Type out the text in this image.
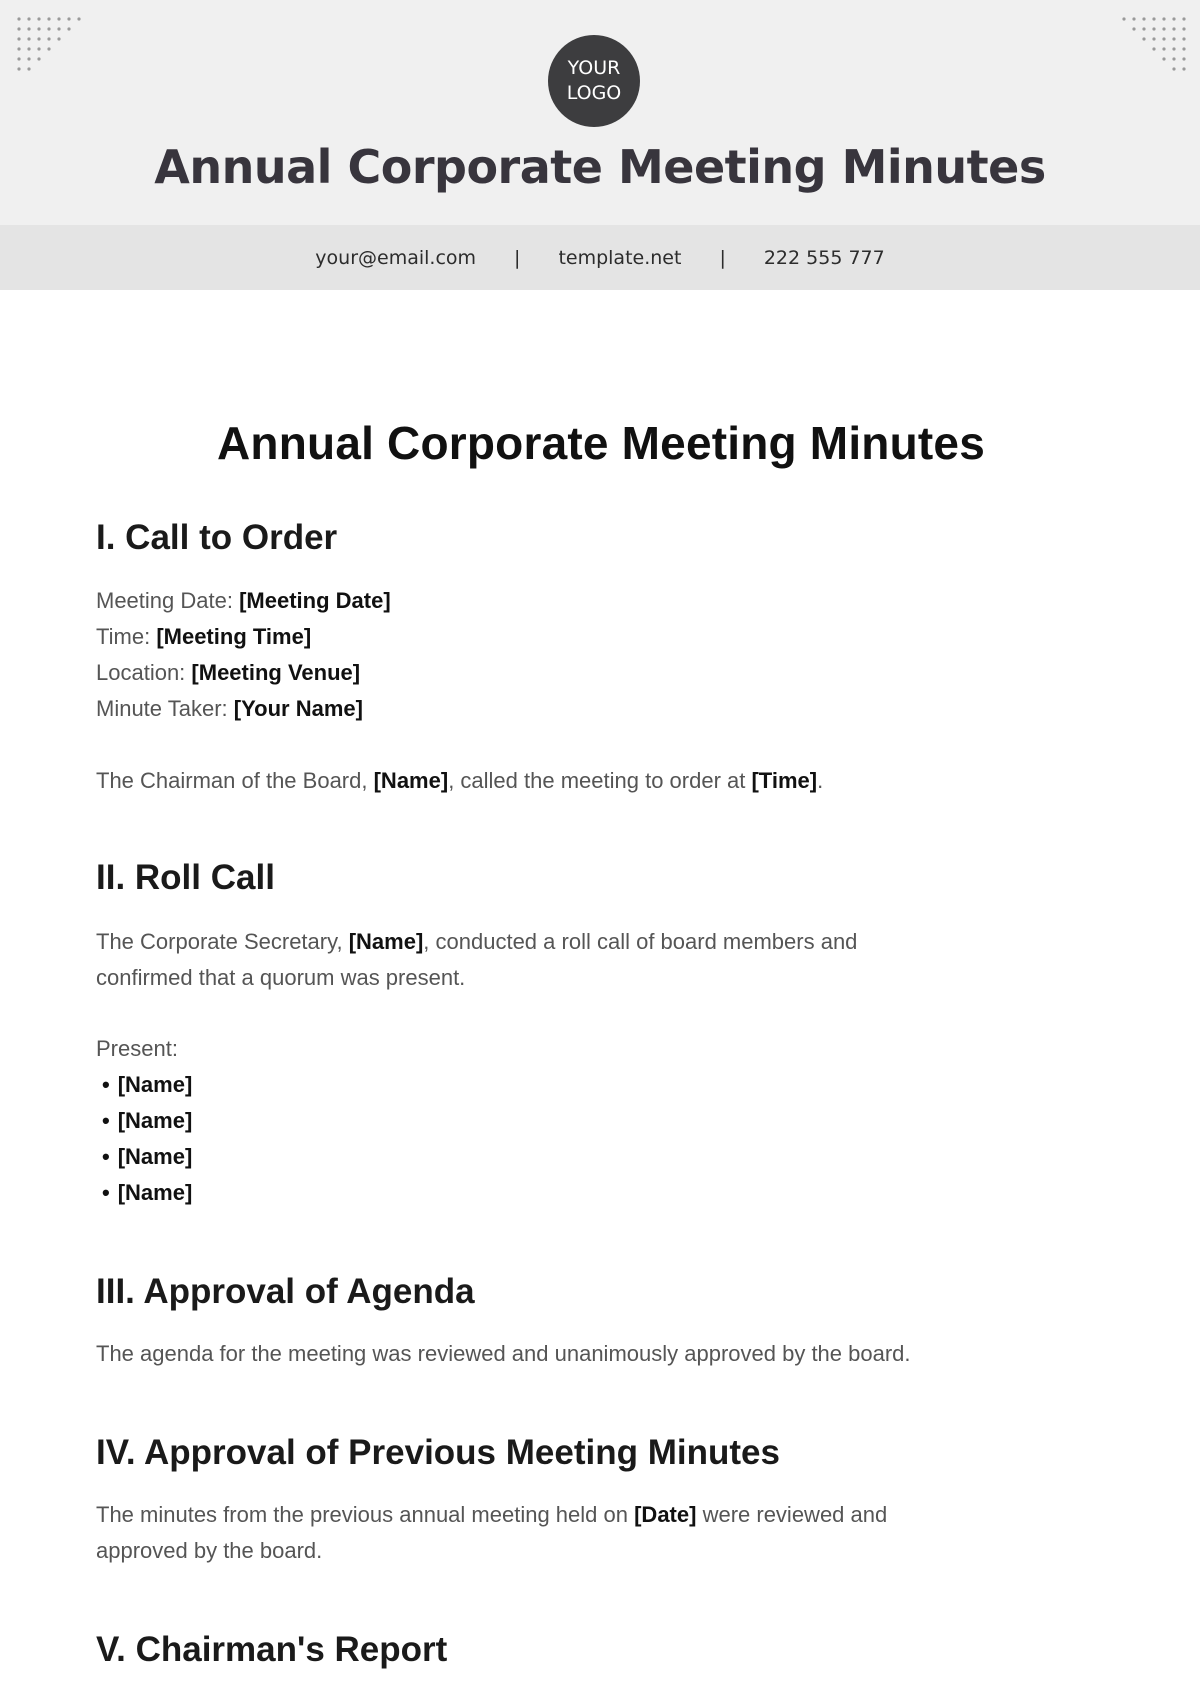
YOUR LOGO
Annual Corporate Meeting Minutes
your@email.com | template.net | 222 555 777
Annual Corporate Meeting Minutes
I. Call to Order
Meeting Date: [Meeting Date]
Time: [Meeting Time]
Location: [Meeting Venue]
Minute Taker: [Your Name]

The Chairman of the Board, [Name], called the meeting to order at [Time].

II. Roll Call

The Corporate Secretary, [Name], conducted a roll call of board members and

confirmed that a quorum was present.

Present:

• [Name]
• [Name]
• [Name]
• [Name]
III. Approval of Agenda

The agenda for the meeting was reviewed and unanimously approved by the board.

IV. Approval of Previous Meeting Minutes

The minutes from the previous annual meeting held on [Date] were reviewed and

approved by the board.

V. Chairman's Report
